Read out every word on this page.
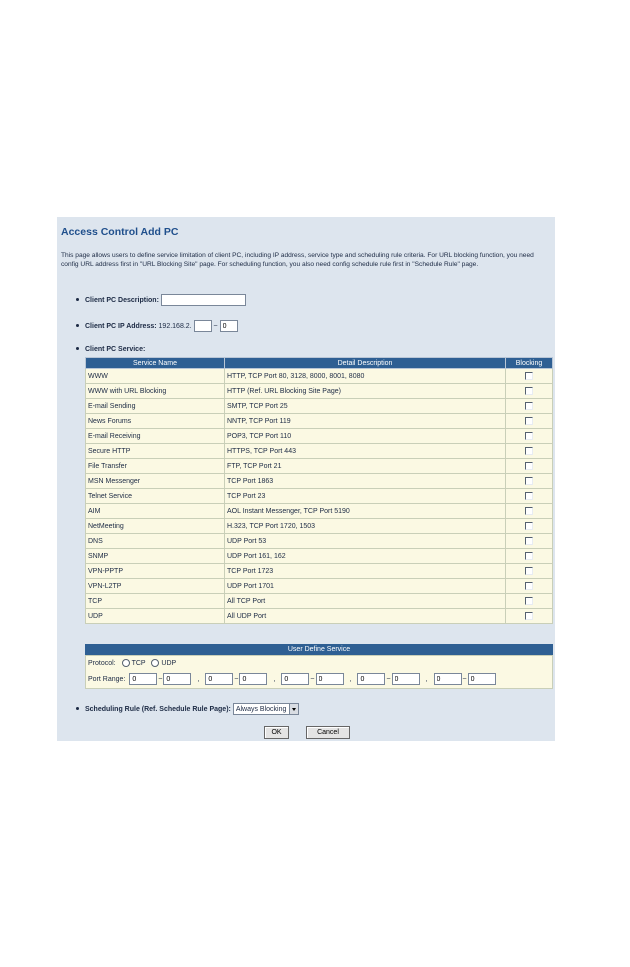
Access Control Add PC
This page allows users to define service limitation of client PC, including IP address, service type and scheduling rule criteria. For URL blocking function, you need config URL address first in "URL Blocking Site" page. For scheduling function, you also need config schedule rule first in "Schedule Rule" page.
Client PC Description:
Client PC IP Address: 192.168.2.	~ 0
Client PC Service:
Service Name	Detail Description	Blocking
WWW	HTTP, TCP Port 80, 3128, 8000, 8001, 8080	
WWW with URL Blocking	HTTP (Ref. URL Blocking Site Page)	
E-mail Sending	SMTP, TCP Port 25	
News Forums	NNTP, TCP Port 119	
E-mail Receiving	POP3, TCP Port 110	
Secure HTTP	HTTPS, TCP Port 443	
File Transfer	FTP, TCP Port 21	
MSN Messenger	TCP Port 1863	
Telnet Service	TCP Port 23	
AIM	AOL Instant Messenger, TCP Port 5190	
NetMeeting	H.323, TCP Port 1720, 1503	
DNS	UDP Port 53	
SNMP	UDP Port 161, 162	
VPN-PPTP	TCP Port 1723	
VPN-L2TP	UDP Port 1701	
TCP	All TCP Port	
UDP	All UDP Port	
User Define Service
Protocol: TCP UDP
Port Range: 0	~0	,0	~0	,0	~0	,0	~0	,0	~0
Scheduling Rule (Ref. Schedule Rule Page): Always Blocking
OK	Cancel
